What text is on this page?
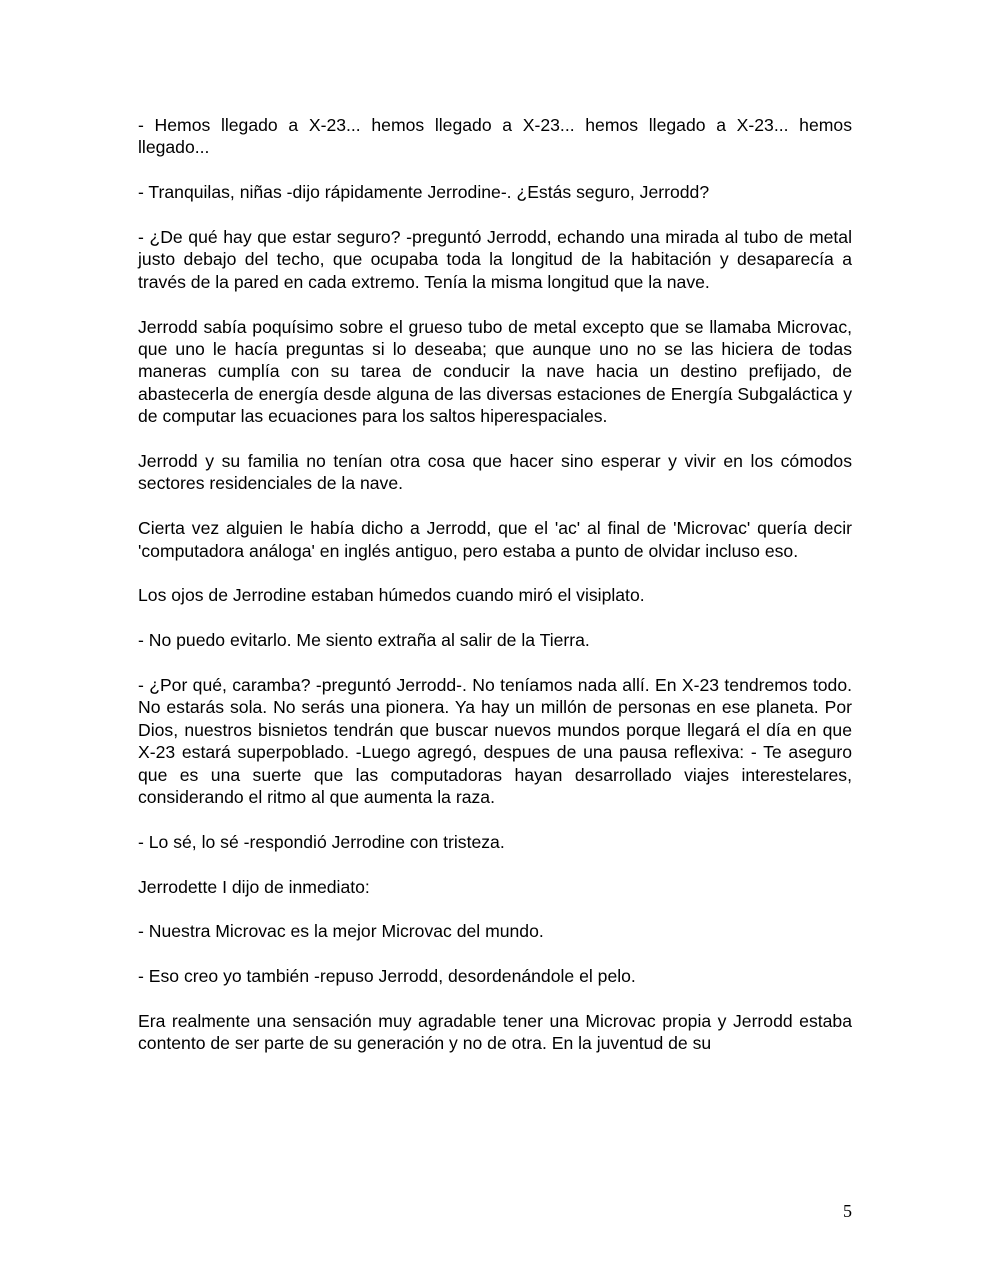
- Hemos llegado a X-23... hemos llegado a X-23... hemos llegado a X-23... hemos llegado...

- Tranquilas, niñas -dijo rápidamente Jerrodine-. ¿Estás seguro, Jerrodd?

- ¿De qué hay que estar seguro? -preguntó Jerrodd, echando una mirada al tubo de metal justo debajo del techo, que ocupaba toda la longitud de la habitación y desaparecía a través de la pared en cada extremo. Tenía la misma longitud que la nave.

Jerrodd sabía poquísimo sobre el grueso tubo de metal excepto que se llamaba Microvac, que uno le hacía preguntas si lo deseaba; que aunque uno no se las hiciera de todas maneras cumplía con su tarea de conducir la nave hacia un destino prefijado, de abastecerla de energía desde alguna de las diversas estaciones de Energía Subgaláctica y de computar las ecuaciones para los saltos hiperespaciales.

Jerrodd y su familia no tenían otra cosa que hacer sino esperar y vivir en los cómodos sectores residenciales de la nave.

Cierta vez alguien le había dicho a Jerrodd, que el 'ac' al final de 'Microvac' quería decir 'computadora análoga' en inglés antiguo, pero estaba a punto de olvidar incluso eso.

Los ojos de Jerrodine estaban húmedos cuando miró el visiplato.

- No puedo evitarlo. Me siento extraña al salir de la Tierra.

- ¿Por qué, caramba? -preguntó Jerrodd-. No teníamos nada allí. En X-23 tendremos todo. No estarás sola. No serás una pionera. Ya hay un millón de personas en ese planeta. Por Dios, nuestros bisnietos tendrán que buscar nuevos mundos porque llegará el día en que X-23 estará superpoblado. -Luego agregó, despues de una pausa reflexiva: - Te aseguro que es una suerte que las computadoras hayan desarrollado viajes interestelares, considerando el ritmo al que aumenta la raza.

- Lo sé, lo sé -respondió Jerrodine con tristeza.

Jerrodette I dijo de inmediato:

- Nuestra Microvac es la mejor Microvac del mundo.

- Eso creo yo también -repuso Jerrodd, desordenándole el pelo.

Era realmente una sensación muy agradable tener una Microvac propia y Jerrodd estaba contento de ser parte de su generación y no de otra. En la juventud de su

5
